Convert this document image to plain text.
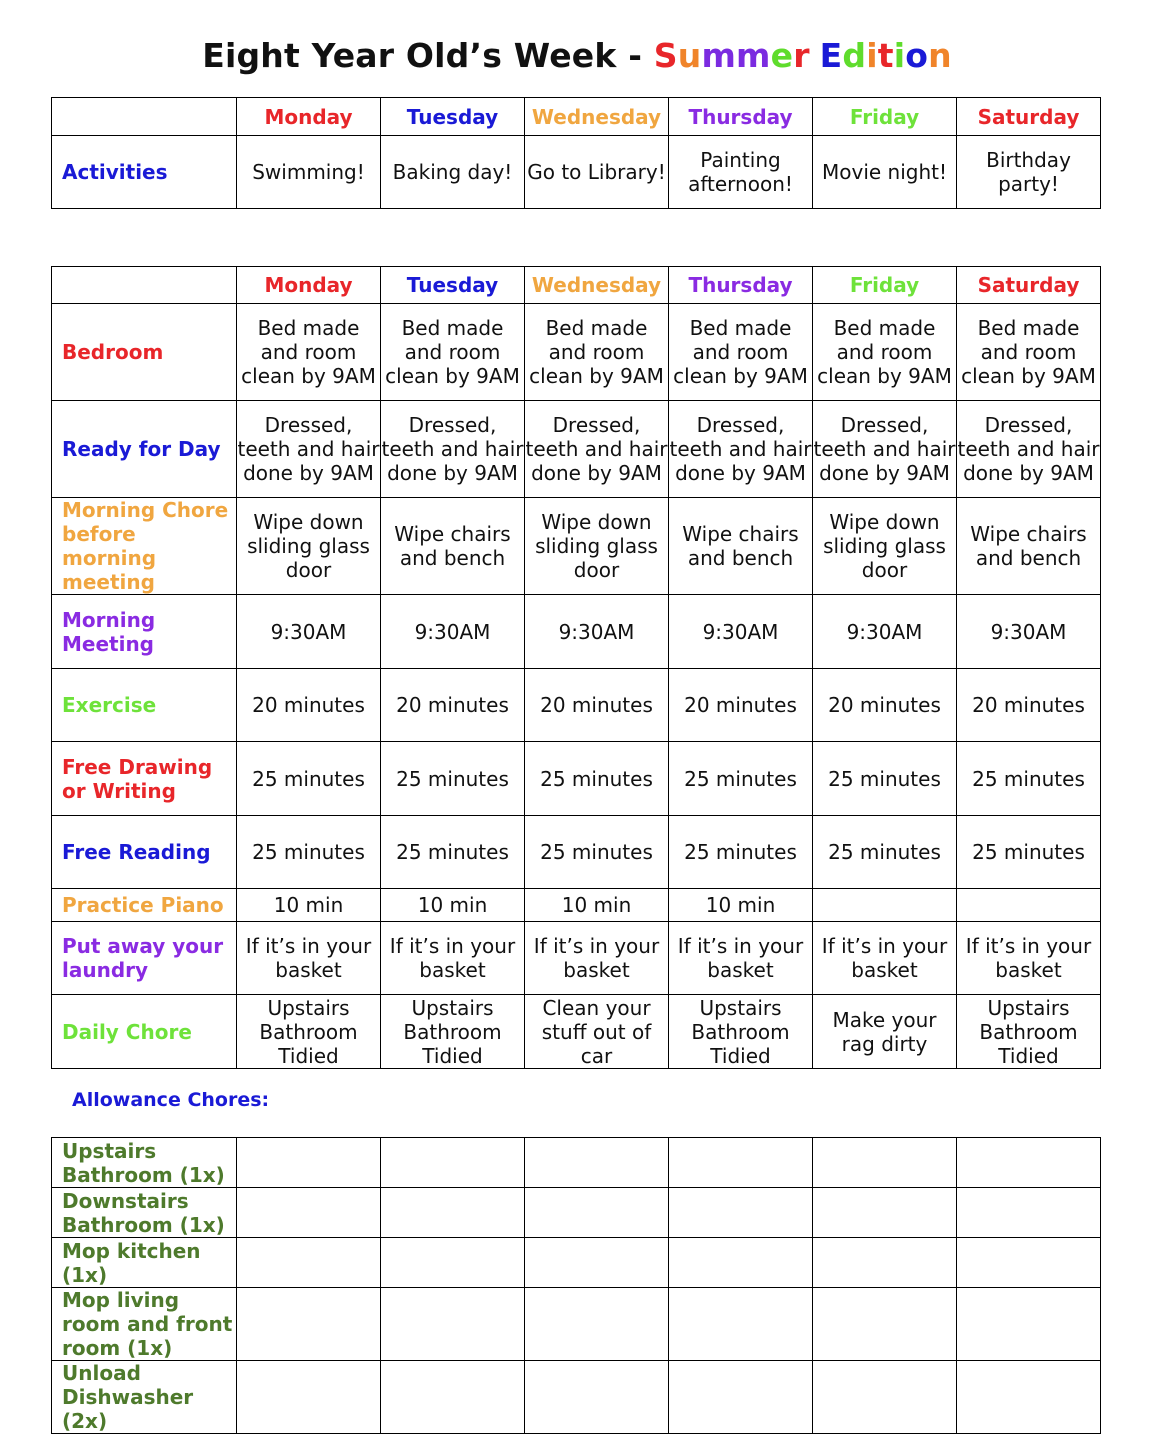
Eight Year Old’s Week - Summer Edition
	Monday	Tuesday	Wednesday	Thursday	Friday	Saturday
Activities	Swimming!	Baking day!	Go to Library!	Painting afternoon!	Movie night!	Birthday party!
	Monday	Tuesday	Wednesday	Thursday	Friday	Saturday
Bedroom	Bed made and room clean by 9AM	Bed made and room clean by 9AM	Bed made and room clean by 9AM	Bed made and room clean by 9AM	Bed made and room clean by 9AM	Bed made and room clean by 9AM
Ready for Day	Dressed, teeth and hair done by 9AM	Dressed, teeth and hair done by 9AM	Dressed, teeth and hair done by 9AM	Dressed, teeth and hair done by 9AM	Dressed, teeth and hair done by 9AM	Dressed, teeth and hair done by 9AM
Morning Chore before morning meeting	Wipe down sliding glass door	Wipe chairs and bench	Wipe down sliding glass door	Wipe chairs and bench	Wipe down sliding glass door	Wipe chairs and bench
Morning Meeting	9:30AM	9:30AM	9:30AM	9:30AM	9:30AM	9:30AM
Exercise	20 minutes	20 minutes	20 minutes	20 minutes	20 minutes	20 minutes
Free Drawing or Writing	25 minutes	25 minutes	25 minutes	25 minutes	25 minutes	25 minutes
Free Reading	25 minutes	25 minutes	25 minutes	25 minutes	25 minutes	25 minutes
Practice Piano	10 min	10 min	10 min	10 min		
Put away your laundry	If it’s in your basket	If it’s in your basket	If it’s in your basket	If it’s in your basket	If it’s in your basket	If it’s in your basket
Daily Chore	Upstairs Bathroom Tidied	Upstairs Bathroom Tidied	Clean your stuff out of car	Upstairs Bathroom Tidied	Make your rag dirty	Upstairs Bathroom Tidied
Allowance Chores:
Upstairs Bathroom (1x)						
Downstairs Bathroom (1x)						
Mop kitchen (1x)						
Mop living room and front room (1x)						
Unload Dishwasher (2x)						
